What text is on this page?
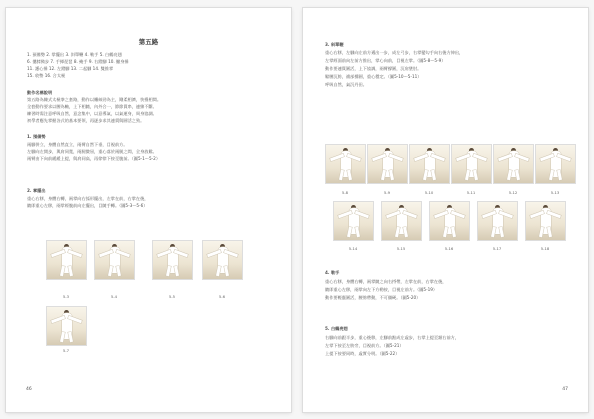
第五路
1. 預備勢 2. 掌擺出 3. 斜單鞭 4. 勒手 5. 白鶴亮翅
6. 摟膝拗步 7. 手揮琵琶 8. 掩手 9. 右蹬腳 10. 撇身捶
11. 護心捶 12. 左蹬腳 13. 二起腳 14. 雙推掌
15. 收勢 16. 合太極
動作名稱說明
第五路為陳式太極拳之套路，動作以纏絲勁為主，剛柔相濟，快慢相間。
全套動作要求以腰為軸，上下相隨，內外合一，節節貫串，連綿不斷。
練習時需注意呼吸自然，意念集中，以意導氣，以氣運身，周身協調。
初學者應先掌握各式的基本要領，再逐步求其連貫與圓活之勁。
1. 預備勢
兩腳併立，身體自然直立，兩臂自然下垂，目視前方。
左腳向左開步，與肩同寬，兩腿微屈，重心落於兩腿之間，全身放鬆。
兩臂由下向前緩緩上提，與肩同高，再徐徐下按至腹前。（圖5-1～5-2）
2. 掌擺出
重心右移，身體右轉，兩掌向右弧形擺出，左掌在前，右掌在後，
隨即重心左移，兩掌經腹前向左擺出，目隨手轉。（圖5-3～5-6）
5-3	5-4	5-5	5-6
5-7
46
3. 斜單鞭
重心右移，左腳向左前方邁出一步，成左弓步，右掌變勾手向右後方伸出，
左掌經面前向左前方推出，掌心向前，目視左掌。（圖5-8～5-9）
動作要連貫圓活，上下協調，兩臂撐圓，沉肩墜肘。
鬆腰沉胯，襠部撐圓，重心穩定。（圖5-10～5-11）
呼吸自然，氣沉丹田。
5-8	5-9	5-10	5-11	5-12	5-13
5-14	5-15	5-16	5-17	5-18
4. 勒手
重心右移，身體右轉，兩掌隨之向右捋帶，左掌在前，右掌在後，
隨即重心左移，兩掌向左下方勒按，目視左前方。（圖5-19）
動作要輕靈圓活，腰胯帶動，不可僵硬。（圖5-20）
5. 白鶴亮翅
右腳向前跟半步，重心後移，左腳前點成左虛步，右掌上提至額右前方，
左掌下按至左胯旁，目視前方。（圖5-21）
上提下按要同時，虛實分明。（圖5-22）
47
